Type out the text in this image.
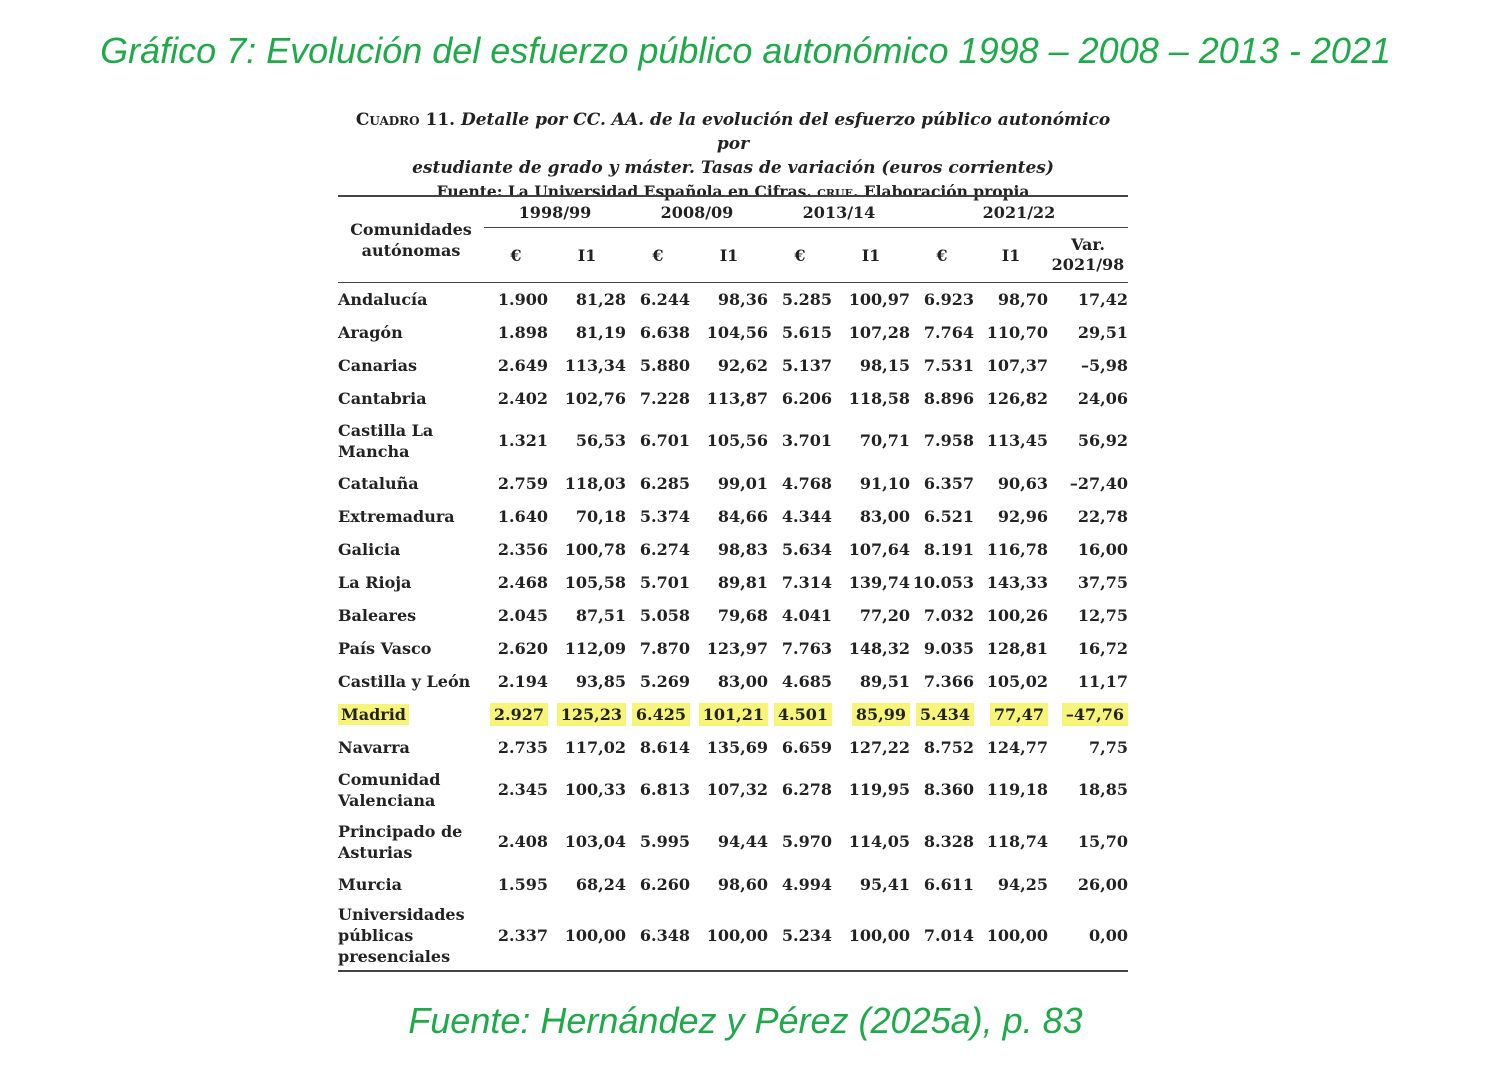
Gráfico 7: Evolución del esfuerzo público autonómico 1998 – 2008 – 2013 - 2021
Cuadro 11. Detalle por CC. AA. de la evolución del esfuerzo público autonómico por
estudiante de grado y máster. Tasas de variación (euros corrientes)
Fuente: La Universidad Española en Cifras. crue. Elaboración propia
Comunidades autónomas	1998/99		2008/09		2013/14		2021/22		
	€	I1	€	I1	€	I1	€	I1	Var.
2021/98
Andalucía	1.900	81,28	6.244	98,36	5.285	100,97	6.923	98,70	17,42
Aragón	1.898	81,19	6.638	104,56	5.615	107,28	7.764	110,70	29,51
Canarias	2.649	113,34	5.880	92,62	5.137	98,15	7.531	107,37	–5,98
Cantabria	2.402	102,76	7.228	113,87	6.206	118,58	8.896	126,82	24,06
Castilla La
Mancha	1.321	56,53	6.701	105,56	3.701	70,71	7.958	113,45	56,92
Cataluña	2.759	118,03	6.285	99,01	4.768	91,10	6.357	90,63	–27,40
Extremadura	1.640	70,18	5.374	84,66	4.344	83,00	6.521	92,96	22,78
Galicia	2.356	100,78	6.274	98,83	5.634	107,64	8.191	116,78	16,00
La Rioja	2.468	105,58	5.701	89,81	7.314	139,74	10.053	143,33	37,75
Baleares	2.045	87,51	5.058	79,68	4.041	77,20	7.032	100,26	12,75
País Vasco	2.620	112,09	7.870	123,97	7.763	148,32	9.035	128,81	16,72
Castilla y León	2.194	93,85	5.269	83,00	4.685	89,51	7.366	105,02	11,17
Madrid	2.927	125,23	6.425	101,21	4.501	85,99	5.434	77,47	–47,76
Navarra	2.735	117,02	8.614	135,69	6.659	127,22	8.752	124,77	7,75
Comunidad
Valenciana	2.345	100,33	6.813	107,32	6.278	119,95	8.360	119,18	18,85
Principado de
Asturias	2.408	103,04	5.995	94,44	5.970	114,05	8.328	118,74	15,70
Murcia	1.595	68,24	6.260	98,60	4.994	95,41	6.611	94,25	26,00
Universidades
públicas
presenciales	2.337	100,00	6.348	100,00	5.234	100,00	7.014	100,00	0,00
Fuente: Hernández y Pérez (2025a), p. 83
